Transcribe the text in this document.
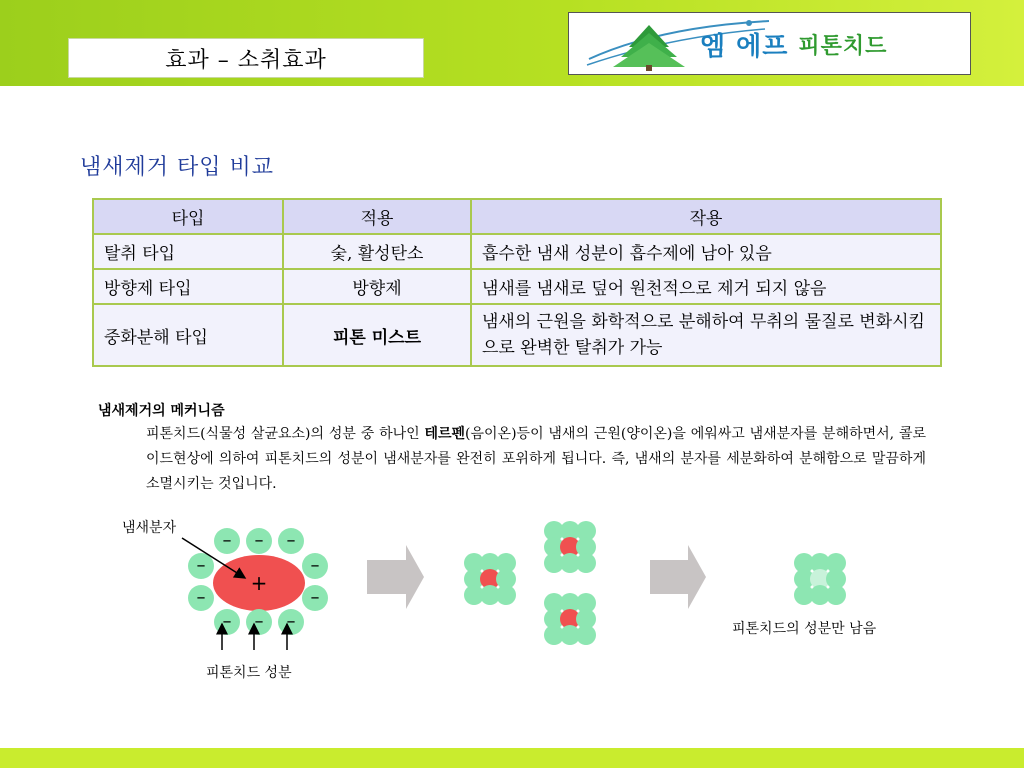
효과 – 소취효과	엠 에프 피톤치드
냄새제거 타입 비교
타입	적용	작용
탈취 타입	숯, 활성탄소	흡수한 냄새 성분이 흡수제에 남아 있음
방향제 타입	방향제	냄새를 냄새로 덮어 원천적으로 제거 되지 않음
중화분해 타입	피톤 미스트	냄새의 근원을 화학적으로 분해하여 무취의 물질로 변화시킴으로 완벽한 탈취가 가능
냄새제거의 메커니즘
피톤치드(식물성 살균요소)의 성분 중 하나인 테르펜(음이온)등이 냄새의 근원(양이온)을 에워싸고 냄새분자를 분해하면서, 콜로이드현상에 의하여 피톤치드의 성분이 냄새분자를 완전히 포위하게 됩니다. 즉, 냄새의 분자를 세분화하여 분해함으로 말끔하게 소멸시키는 것입니다.
냄새분자
+
– – –
–	–
–	–
– – –
피톤치드 성분
피톤치드의 성분만 남음
